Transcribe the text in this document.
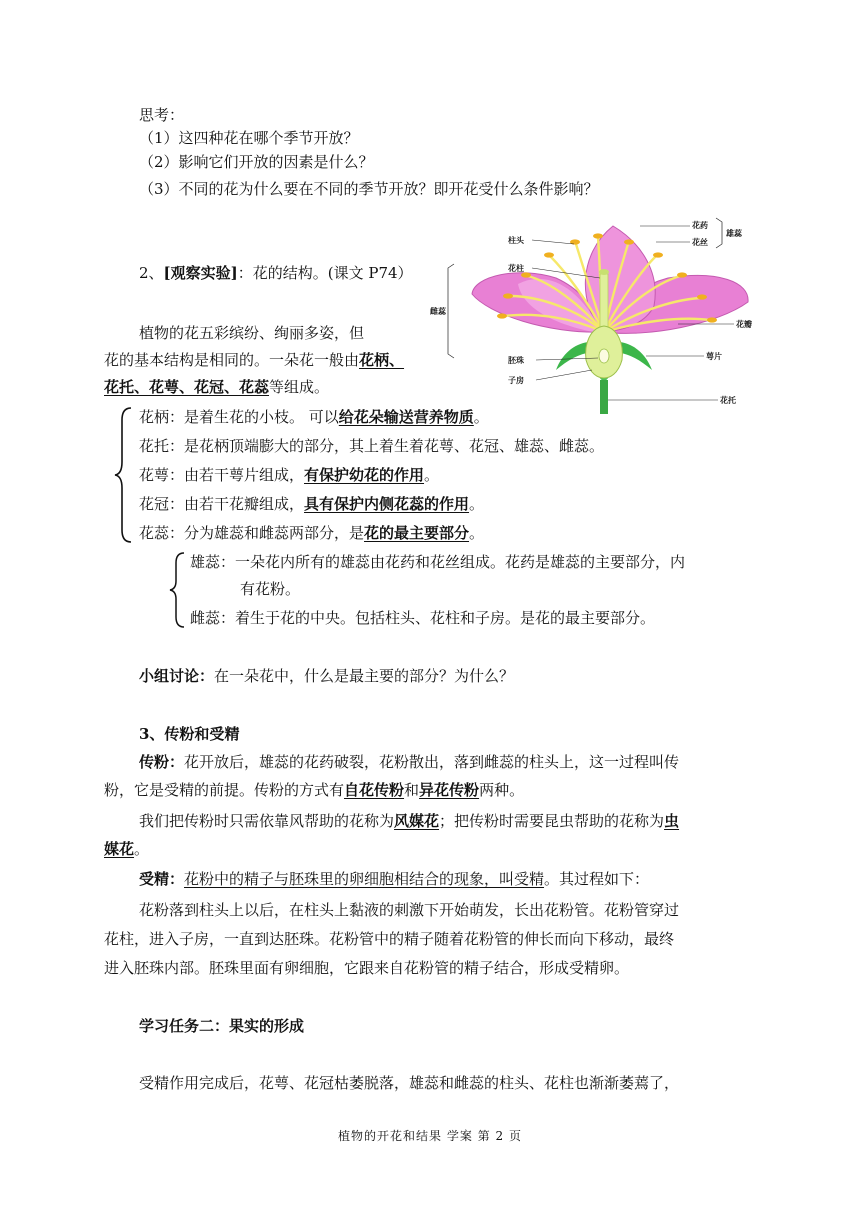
思考：
（1）这四种花在哪个季节开放？
（2）影响它们开放的因素是什么？
（3）不同的花为什么要在不同的季节开放？即开花受什么条件影响？
2、[观察实验]：花的结构。(课文 P74）
植物的花五彩缤纷、绚丽多姿，但
花的基本结构是相同的。一朵花一般由花柄、
花托、花萼、花冠、花蕊等组成。
花柄：是着生花的小枝。 可以给花朵输送营养物质。
花托：是花柄顶端膨大的部分，其上着生着花萼、花冠、雄蕊、雌蕊。
花萼：由若干萼片组成，有保护幼花的作用。
花冠：由若干花瓣组成，具有保护内侧花蕊的作用。
花蕊：分为雄蕊和雌蕊两部分，是花的最主要部分。
雄蕊：一朵花内所有的雄蕊由花药和花丝组成。花药是雄蕊的主要部分，内
有花粉。
雌蕊：着生于花的中央。包括柱头、花柱和子房。是花的最主要部分。
小组讨论：在一朵花中，什么是最主要的部分？为什么？
3、传粉和受精
传粉：花开放后，雄蕊的花药破裂，花粉散出，落到雌蕊的柱头上，这一过程叫传
粉，它是受精的前提。传粉的方式有自花传粉和异花传粉两种。
我们把传粉时只需依靠风帮助的花称为风媒花；把传粉时需要昆虫帮助的花称为虫
媒花。
受精：花粉中的精子与胚珠里的卵细胞相结合的现象，叫受精。其过程如下：
花粉落到柱头上以后，在柱头上黏液的刺激下开始萌发，长出花粉管。花粉管穿过
花柱，进入子房，一直到达胚珠。花粉管中的精子随着花粉管的伸长而向下移动，最终
进入胚珠内部。胚珠里面有卵细胞，它跟来自花粉管的精子结合，形成受精卵。
学习任务二：果实的形成
受精作用完成后，花萼、花冠枯萎脱落，雄蕊和雌蕊的柱头、花柱也渐渐萎蔫了，
花药
花丝
雄蕊
柱头
花柱
雌蕊
花瓣
胚珠
子房
萼片
花托
植物的开花和结果 学案 第 2 页
